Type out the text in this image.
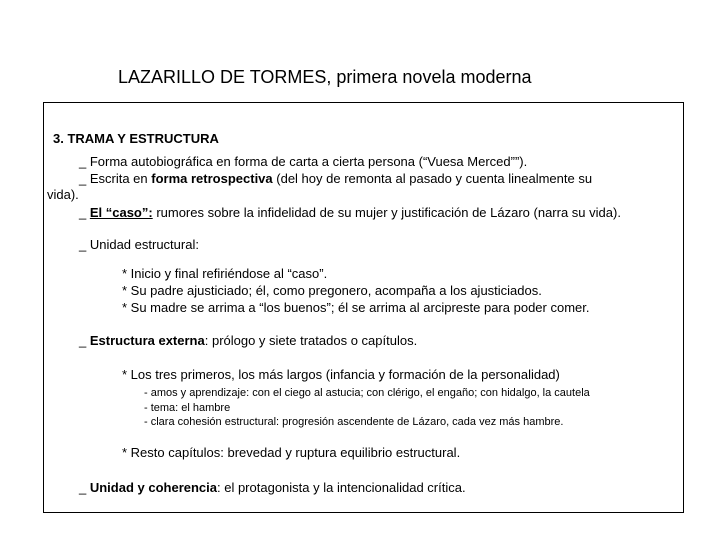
LAZARILLO DE TORMES, primera novela moderna
3. TRAMA Y ESTRUCTURA
_ Forma autobiográfica en forma de carta a cierta persona (“Vuesa Merced””).
_ Escrita en forma retrospectiva (del hoy de remonta al pasado y cuenta linealmente su
vida).
_ El “caso”: rumores sobre la infidelidad de su mujer y justificación de Lázaro (narra su vida).
_ Unidad estructural:
* Inicio y final refiriéndose al “caso”.
* Su padre ajusticiado; él, como pregonero, acompaña a los ajusticiados.
* Su madre se arrima a “los buenos”; él se arrima al arcipreste para poder comer.
_ Estructura externa: prólogo y siete tratados o capítulos.
* Los tres primeros, los más largos (infancia y formación de la personalidad)
- amos y aprendizaje: con el ciego al astucia; con clérigo, el engaño; con hidalgo, la cautela
- tema: el hambre
- clara cohesión estructural: progresión ascendente de Lázaro, cada vez más hambre.
* Resto capítulos: brevedad y ruptura equilibrio estructural.
_ Unidad y coherencia: el protagonista y la intencionalidad crítica.
